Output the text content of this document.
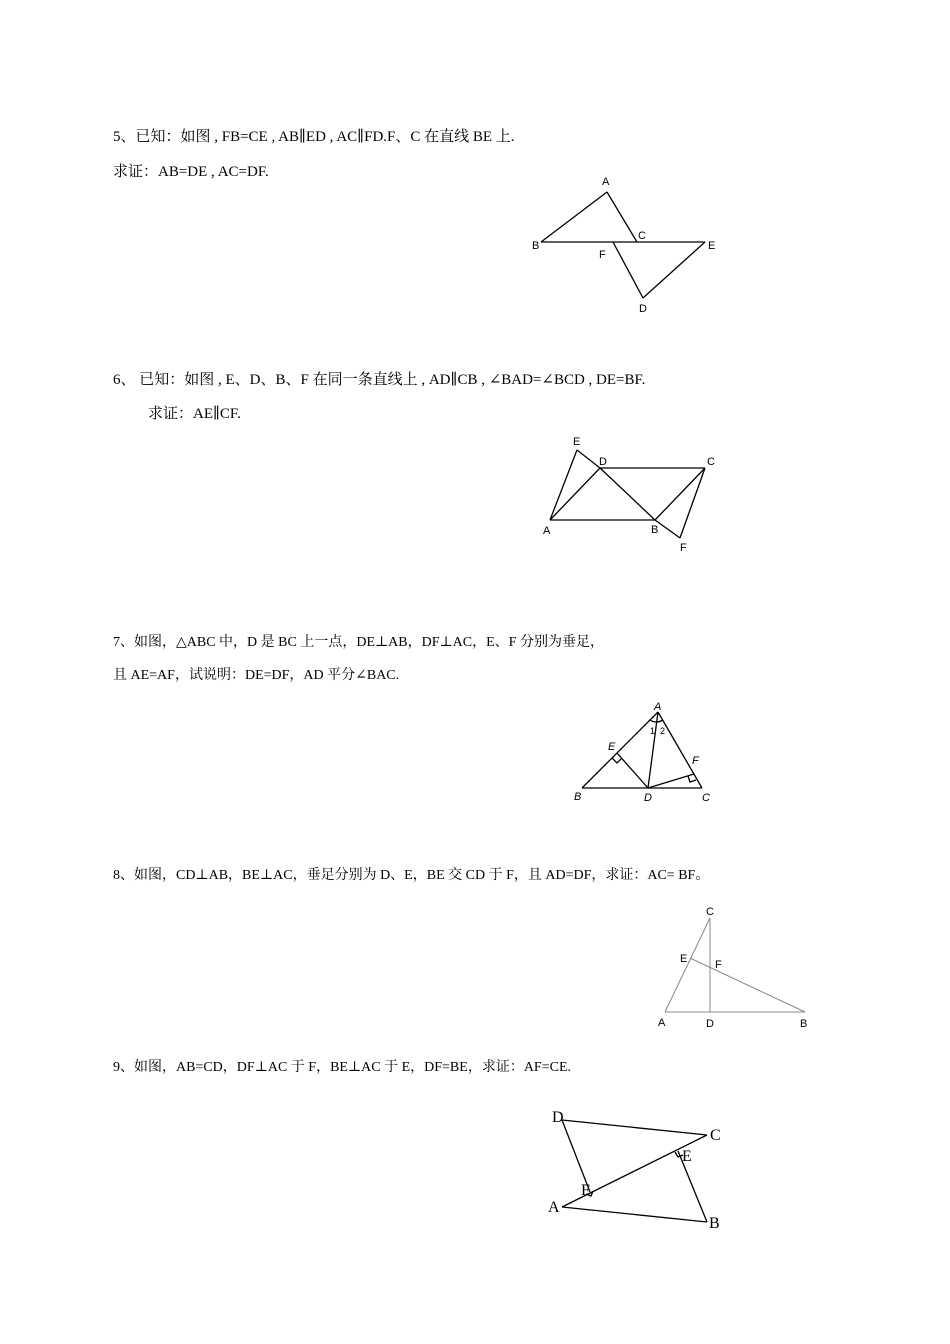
5、已知：如图 , FB=CE , AB∥ED , AC∥FD.F、C 在直线 BE 上.
求证：AB=DE , AC=DF.
A
B
C
D
E
F
6、 已知：如图 , E、D、B、F 在同一条直线上 , AD∥CB , ∠BAD=∠BCD , DE=BF.
求证：AE∥CF.
A	B
C
D
E
F
7、如图，△ABC 中，D 是 BC 上一点，DE⊥AB，DF⊥AC，E、F 分别为垂足，
且 AE=AF，试说明：DE=DF，AD 平分∠BAC.
A
B	C
D
E
F
1 2
8、如图，CD⊥AB，BE⊥AC，垂足分别为 D、E，BE 交 CD 于 F，且 AD=DF，求证：AC= BF。
A	B
C
D
E	F
9、如图，AB=CD，DF⊥AC 于 F，BE⊥AC 于 E，DF=BE，求证：AF=CE.
A
B
C
D
E
F
